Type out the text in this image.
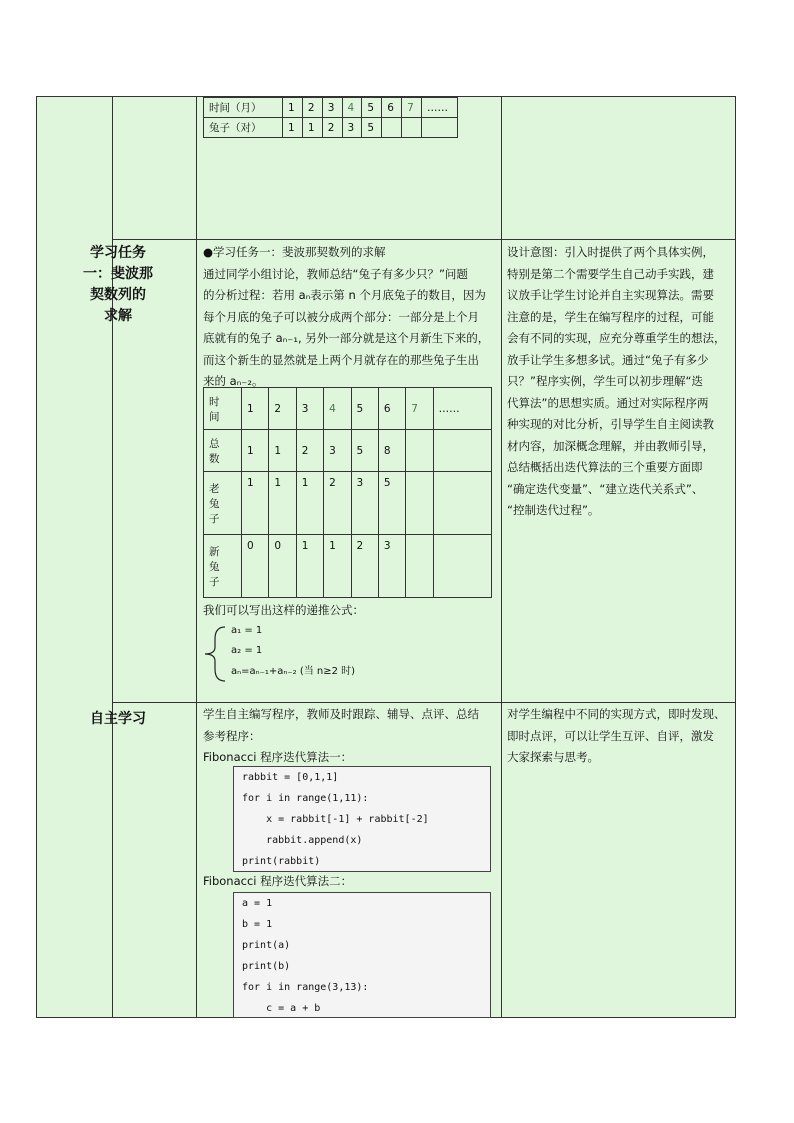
时间（月）	1	2	3	4	5	6	7	……
兔子（对）	1	1	2	3	5			
学习任务
一：斐波那
契数列的
求解
●学习任务一：斐波那契数列的求解
通过同学小组讨论，教师总结“兔子有多少只？”问题
的分析过程：若用 aₙ表示第 n 个月底兔子的数目，因为
每个月底的兔子可以被分成两个部分：一部分是上个月
底就有的兔子 aₙ₋₁, 另外一部分就是这个月新生下来的，
而这个新生的显然就是上两个月就存在的那些兔子生出
来的 aₙ₋₂。
时
间	1	2	3	4	5	6	7	……

总
数	1	1	2	3	5	8		

老
兔
子	1	1	1	2	3	5		

新
兔
子	0	0	1	1	2	3		
我们可以写出这样的递推公式：
a₁ = 1
a₂ = 1
aₙ=aₙ₋₁+aₙ₋₂ (当 n≥2 时)
设计意图：引入时提供了两个具体实例，
特别是第二个需要学生自己动手实践，建
议放手让学生讨论并自主实现算法。需要
注意的是，学生在编写程序的过程，可能
会有不同的实现，应充分尊重学生的想法，
放手让学生多想多试。通过“兔子有多少
只？”程序实例，学生可以初步理解“迭
代算法”的思想实质。通过对实际程序两
种实现的对比分析，引导学生自主阅读教
材内容，加深概念理解，并由教师引导，
总结概括出迭代算法的三个重要方面即
“确定迭代变量”、“建立迭代关系式”、
“控制迭代过程”。
自主学习	学生自主编写程序，教师及时跟踪、辅导、点评、总结
参考程序：
Fibonacci 程序迭代算法一：
rabbit = [0,1,1]
for i in range(1,11):
x = rabbit[-1] + rabbit[-2]
rabbit.append(x)
print(rabbit)
Fibonacci 程序迭代算法二：
a = 1
b = 1
print(a)
print(b)
for i in range(3,13):
c = a + b
对学生编程中不同的实现方式，即时发现、
即时点评，可以让学生互评、自评，激发
大家探索与思考。
